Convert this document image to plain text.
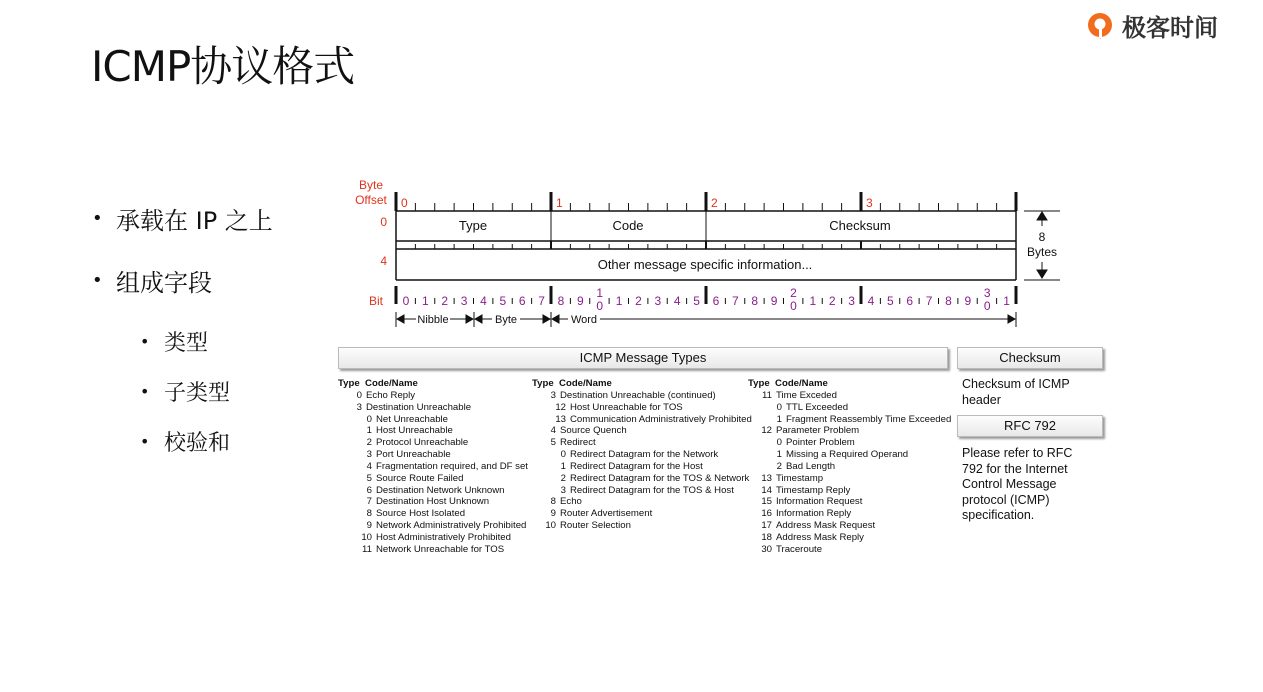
ICMP协议格式
极客时间
• 承载在 IP 之上
• 组成字段
• 类型
• 子类型
• 校验和
Byte
Offset
0
4
0	1	2	3
Type	Code	Checksum
Other message specific information...
8
Bytes
Bit 0 1 2 3 4 5 6 7 8 9
1
0 1 2 3 4 5 6 7 8 9
2
0 1 2 3 4 5 6 7 8 9
3
0 1
Nibble	Byte	Word
ICMP Message Types	Checksum
RFC 792
Type Code/Name
0 Echo Reply
3 Destination Unreachable
0 Net Unreachable
1 Host Unreachable
2 Protocol Unreachable
3 Port Unreachable
4 Fragmentation required, and DF set
5 Source Route Failed
6 Destination Network Unknown
7 Destination Host Unknown
8 Source Host Isolated
9 Network Administratively Prohibited
10 Host Administratively Prohibited
11 Network Unreachable for TOS
Type Code/Name
3 Destination Unreachable (continued)
12 Host Unreachable for TOS
13 Communication Administratively Prohibited
4 Source Quench
5 Redirect
0 Redirect Datagram for the Network
1 Redirect Datagram for the Host
2 Redirect Datagram for the TOS & Network
3 Redirect Datagram for the TOS & Host
8 Echo
9 Router Advertisement
10 Router Selection
Type Code/Name
11 Time Exceded
0 TTL Exceeded
1 Fragment Reassembly Time Exceeded
12 Parameter Problem
0 Pointer Problem
1 Missing a Required Operand
2 Bad Length
13 Timestamp
14 Timestamp Reply
15 Information Request
16 Information Reply
17 Address Mask Request
18 Address Mask Reply
30 Traceroute
Checksum of ICMP
header
Please refer to RFC
792 for the Internet
Control Message
protocol (ICMP)
specification.
